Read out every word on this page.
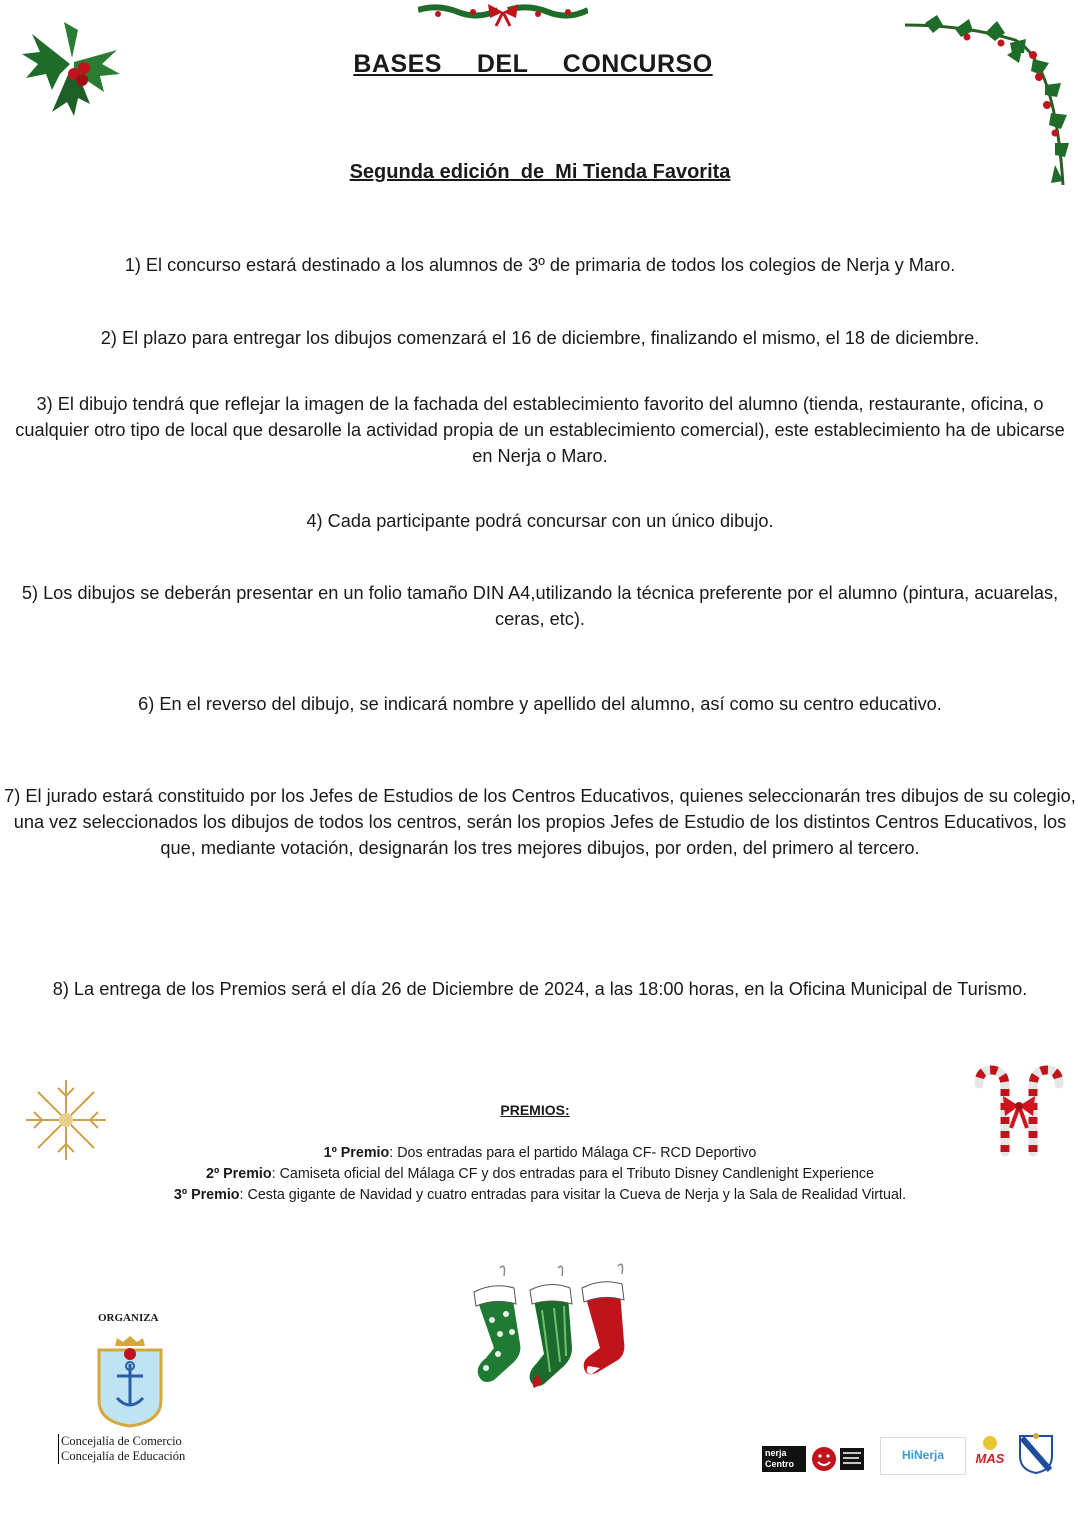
BASES  DEL  CONCURSO
Segunda edición  de  Mi Tienda Favorita
1) El concurso estará destinado a los alumnos de 3º de primaria de todos los colegios de Nerja y Maro.
2) El plazo para entregar los dibujos comenzará el 16 de diciembre, finalizando el mismo, el 18 de diciembre.
3) El dibujo tendrá que reflejar la imagen de la fachada del establecimiento favorito del alumno (tienda, restaurante, oficina, o cualquier otro tipo de local que desarolle la actividad propia de un establecimiento comercial), este establecimiento ha de ubicarse en Nerja o Maro.
4) Cada participante podrá concursar con un único dibujo.
5) Los dibujos se deberán presentar en un folio tamaño DIN A4,utilizando la técnica preferente por el alumno (pintura, acuarelas, ceras, etc).
6) En el reverso del dibujo, se indicará nombre y apellido del alumno, así como su centro educativo.
7) El jurado estará constituido por los Jefes de Estudios de los Centros Educativos, quienes seleccionarán tres dibujos de su colegio, una vez seleccionados los dibujos de todos los centros, serán los propios Jefes de Estudio de los distintos Centros Educativos, los que, mediante votación, designarán los tres mejores dibujos, por orden, del primero al tercero.
8) La entrega de los Premios será el día 26 de Diciembre de 2024, a las 18:00 horas, en la Oficina Municipal de Turismo.
PREMIOS:
1º Premio: Dos entradas para el partido Málaga CF- RCD Deportivo
2º Premio: Camiseta oficial del Málaga CF y dos entradas para el Tributo Disney Candlenight Experience
3º Premio: Cesta gigante de Navidad y cuatro entradas para visitar la Cueva de Nerja y la Sala de Realidad Virtual.
ORGANIZA
Concejalía de Comercio
Concejalía de Educación	nerja Centro
HiNerja	MAS
